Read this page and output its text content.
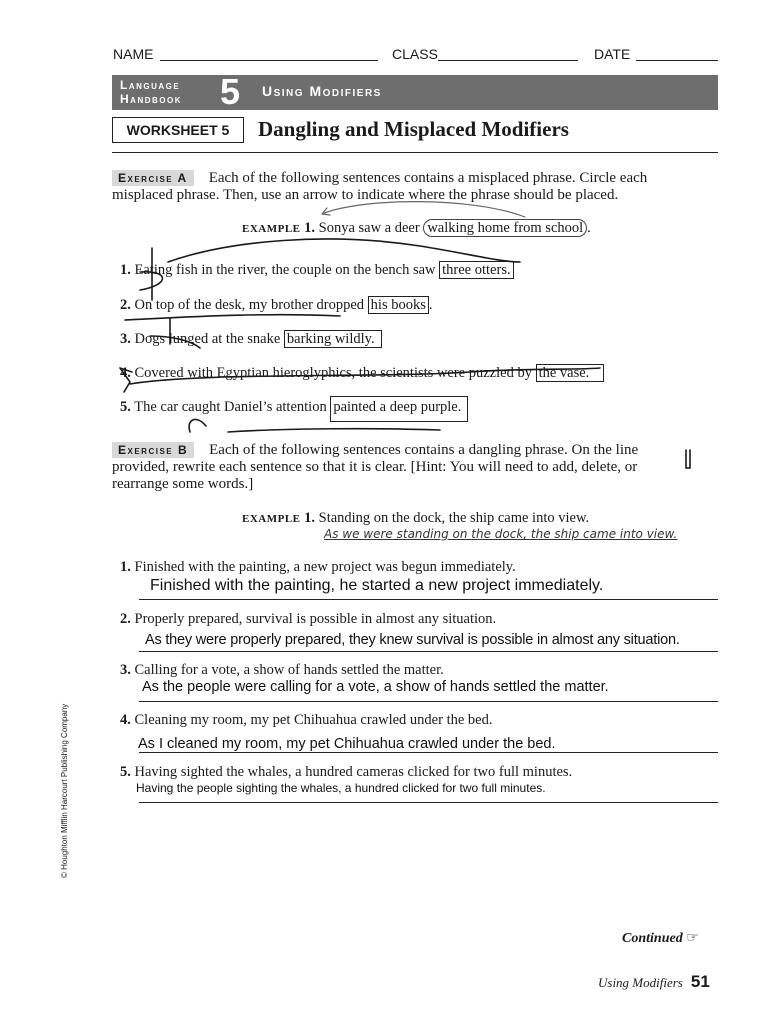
NAME	CLASS	DATE
Language
Handbook 5 Using Modifiers
WORKSHEET 5	Dangling and Misplaced Modifiers
Exercise A Each of the following sentences contains a misplaced phrase. Circle each
misplaced phrase. Then, use an arrow to indicate where the phrase should be placed.
EXAMPLE 1. Sonya saw a deer walking home from school .
1. Eating fish in the river, the couple on the bench saw three otters.
2. On top of the desk, my brother dropped his books .
3. Dogs lunged at the snake barking wildly.
4. Covered with Egyptian hieroglyphics, the scientists were puzzled by the vase.
5. The car caught Daniel’s attention painted a deep purple.
Exercise B Each of the following sentences contains a dangling phrase. On the line
provided, rewrite each sentence so that it is clear. [Hint: You will need to add, delete, or
rearrange some words.]
EXAMPLE 1. Standing on the dock, the ship came into view.
As we were standing on the dock, the ship came into view.
1. Finished with the painting, a new project was begun immediately.
Finished with the painting, he started a new project immediately.
2. Properly prepared, survival is possible in almost any situation.
As they were properly prepared, they knew survival is possible in almost any situation.
3. Calling for a vote, a show of hands settled the matter.
As the people were calling for a vote, a show of hands settled the matter.
4. Cleaning my room, my pet Chihuahua crawled under the bed.
As I cleaned my room, my pet Chihuahua crawled under the bed.
5. Having sighted the whales, a hundred cameras clicked for two full minutes.
Having the people sighting the whales, a hundred clicked for two full minutes.
© Houghton Mifflin Harcourt Publishing Company
Continued ☞
Using Modifiers 51
